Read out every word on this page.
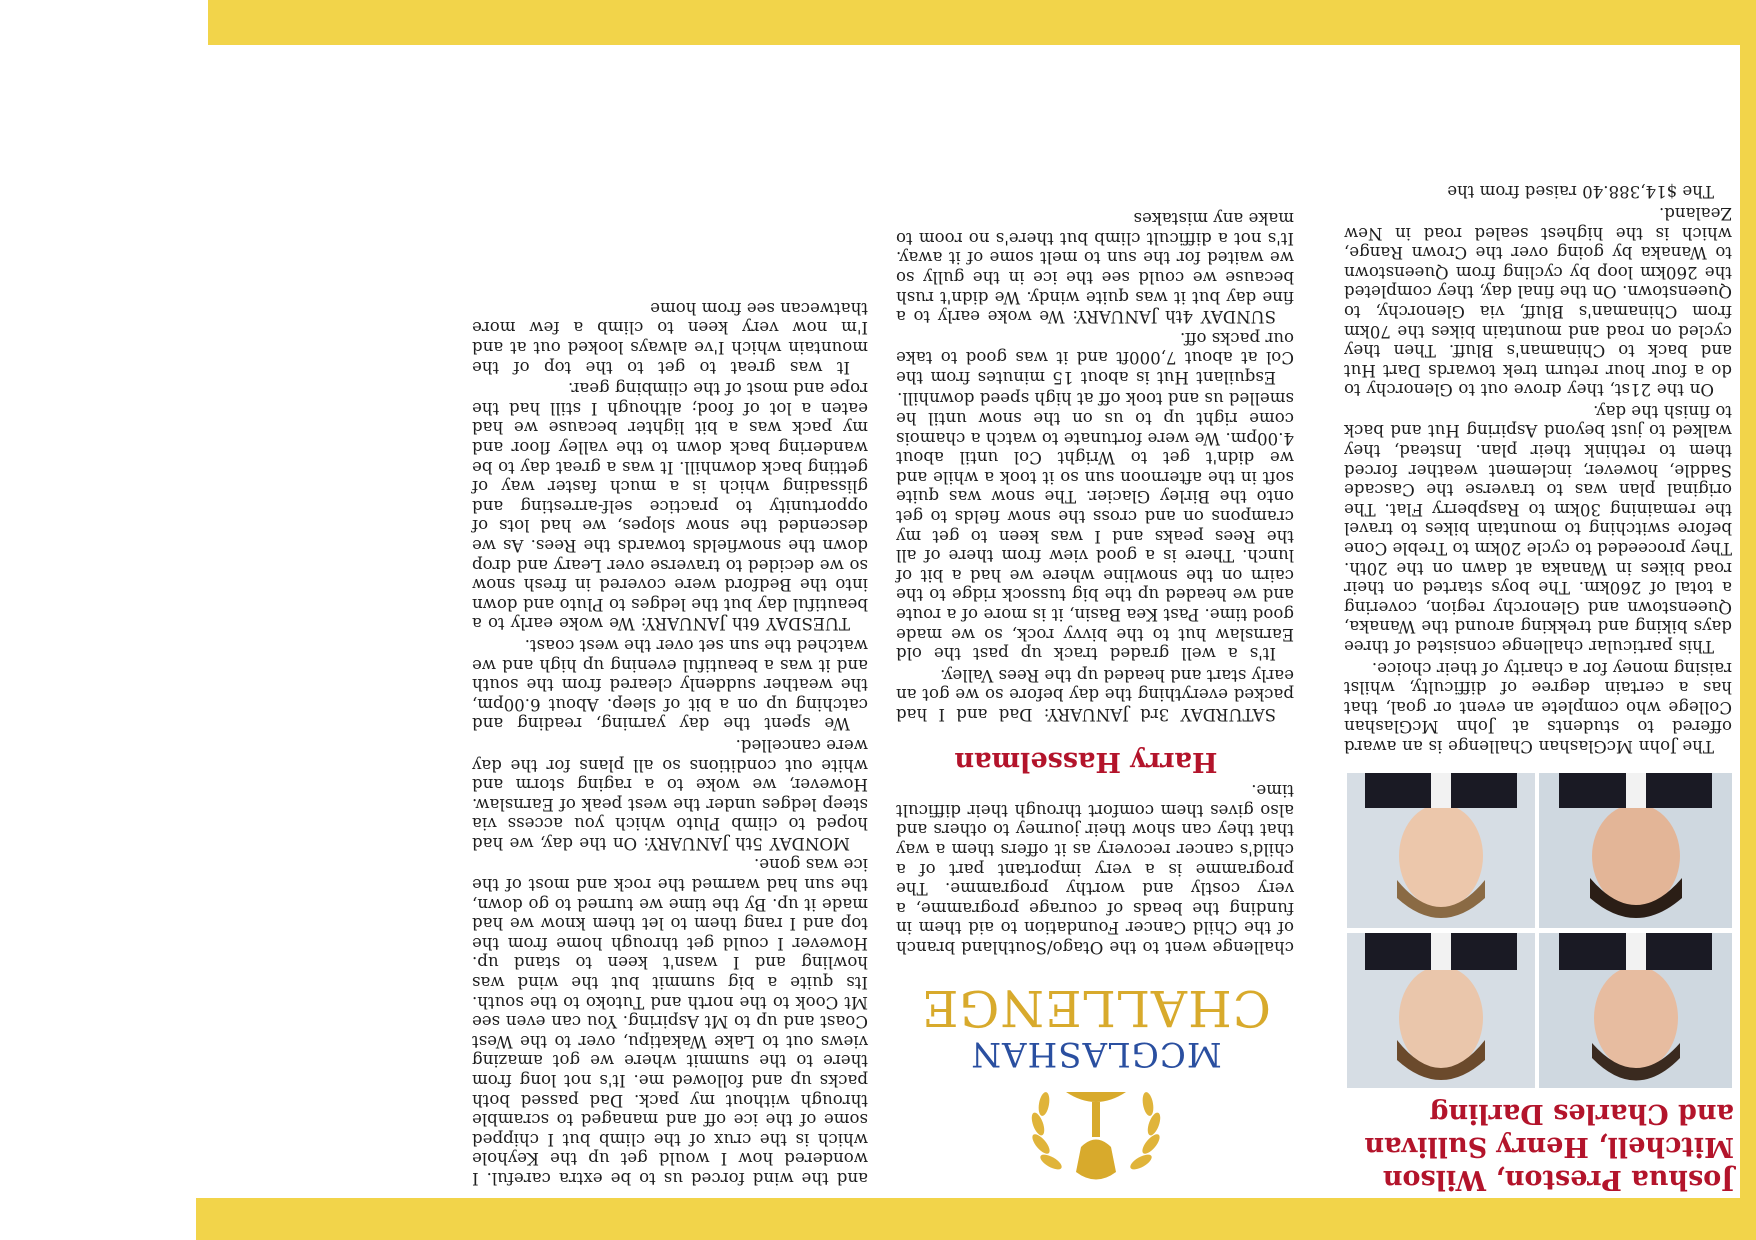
Joshua Preston, Wilson Mitchell, Henry Sullivan and Charles Darling

The John McGlashan Challenge is an award offered to students at John McGlashan College who complete an event or goal, that has a certain degree of difficulty, whilst raising money for a charity of their choice.

This particular challenge consisted of three days biking and trekking around the Wanaka, Queenstown and Glenorchy region, covering a total of 260km. The boys started on their road bikes in Wanaka at dawn on the 20th. They proceeded to cycle 20km to Treble Cone before switching to mountain bikes to travel the remaining 30km to Raspberry Flat. The original plan was to traverse the Cascade Saddle, however, inclement weather forced them to rethink their plan. Instead, they walked to just beyond Aspiring Hut and back to finish the day.

On the 21st, they drove out to Glenorchy to do a four hour return trek towards Dart Hut and back to Chinaman's Bluff. Then they cycled on road and mountain bikes the 70km from Chinaman's Bluff, via Glenorchy, to Queenstown. On the final day, they completed the 260km loop by cycling from Queenstown to Wanaka by going over the Crown Range, which is the highest sealed road in New Zealand.

The $14,388.40 raised from the

MCGLASHAN
CHALLENGE

challenge went to the Otago/Southland branch of the Child Cancer Foundation to aid them in funding the beads of courage programme, a very costly and worthy programme. The programme is a very important part of a child's cancer recovery as it offers them a way that they can show their journey to others and also gives them comfort through their difficult time.

Harry Hasselman

SATURDAY 3rd JANUARY: Dad and I had packed everything the day before so we got an early start and headed up the Rees Valley.

It's a well graded track up past the old Earnslaw hut to the bivvy rock, so we made good time. Past Kea Basin, it is more of a route and we headed up the big tussock ridge to the cairn on the snowline where we had a bit of lunch. There is a good view from there of all the Rees peaks and I was keen to get my crampons on and cross the snow fields to get onto the Birley Glacier. The snow was quite soft in the afternoon sun so it took a while and we didn't get to Wright Col until about 4.00pm. We were fortunate to watch a chamois come right up to us on the snow until he smelled us and took off at high speed downhill.

Esquilant Hut is about 15 minutes from the Col at about 7,000ft and it was good to take our packs off.

SUNDAY 4th JANUARY: We woke early to a fine day but it was quite windy. We didn't rush because we could see the ice in the gully so we waited for the sun to melt some of it away. It's not a difficult climb but there's no room to make any mistakes

and the wind forced us to be extra careful. I wondered how I would get up the Keyhole which is the crux of the climb but I chipped some of the ice off and managed to scramble through without my pack. Dad passed both packs up and followed me. It's not long from there to the summit where we got amazing views out to Lake Wakatipu, over to the West Coast and up to Mt Aspiring. You can even see Mt Cook to the north and Tutoko to the south. Its quite a big summit but the wind was howling and I wasn't keen to stand up. However I could get through home from the top and I rang them to let them know we had made it up. By the time we turned to go down, the sun had warmed the rock and most of the ice was gone.

MONDAY 5th JANUARY: On the day, we had hoped to climb Pluto which you access via steep ledges under the west peak of Earnslaw. However, we woke to a raging storm and white out conditions so all plans for the day were cancelled.

We spent the day yarning, reading and catching up on a bit of sleep. About 6.00pm, the weather suddenly cleared from the south and it was a beautiful evening up high and we watched the sun set over the west coast.

TUESDAY 6th JANUARY: We woke early to a beautiful day but the ledges to Pluto and down into the Bedford were covered in fresh snow so we decided to traverse over Leary and drop down the snowfields towards the Rees. As we descended the snow slopes, we had lots of opportunity to practice self-arresting and glissading which is a much faster way of getting back downhill. It was a great day to be wandering back down to the valley floor and my pack was a bit lighter because we had eaten a lot of food; although I still had the rope and most of the climbing gear.

It was great to get to the top of the mountain which I've always looked out at and I'm now very keen to climb a few more thatwecan see from home
